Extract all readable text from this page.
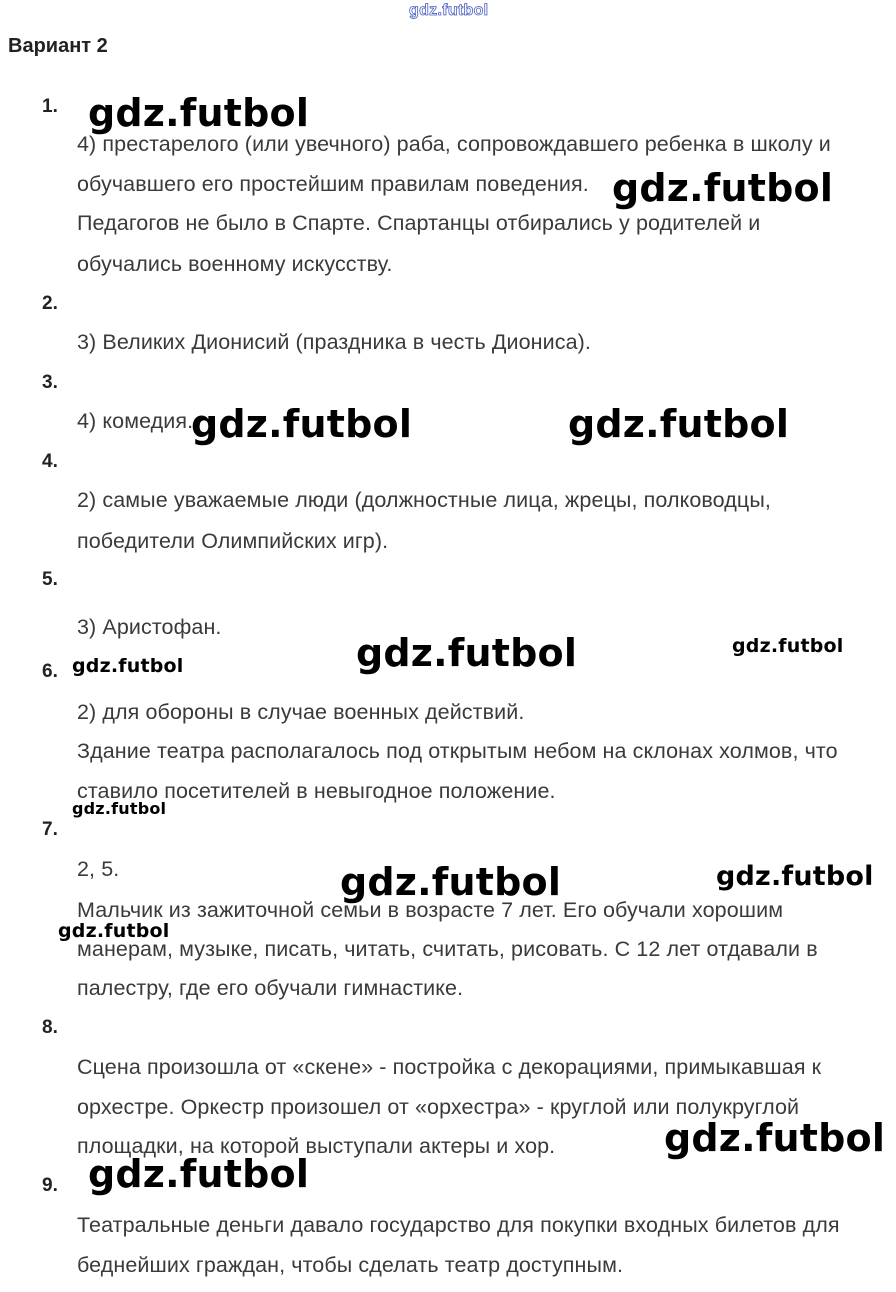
gdz.futbol
Вариант 2
1.
4) престарелого (или увечного) раба, сопровождавшего ребенка в школу и
обучавшего его простейшим правилам поведения.
Педагогов не было в Спарте. Спартанцы отбирались у родителей и
обучались военному искусству.
2.
3) Великих Дионисий (праздника в честь Диониса).
3.
4) комедия.
4.
2) самые уважаемые люди (должностные лица, жрецы, полководцы,
победители Олимпийских игр).
5.
3) Аристофан.
6.
2) для обороны в случае военных действий.
Здание театра располагалось под открытым небом на склонах холмов, что
ставило посетителей в невыгодное положение.
7.
2, 5.
Мальчик из зажиточной семьи в возрасте 7 лет. Его обучали хорошим
манерам, музыке, писать, читать, считать, рисовать. С 12 лет отдавали в
палестру, где его обучали гимнастике.
8.
Сцена произошла от «скене» - постройка с декорациями, примыкавшая к
орхестре. Оркестр произошел от «орхестра» - круглой или полукруглой
площадки, на которой выступали актеры и хор.
9.
Театральные деньги давало государство для покупки входных билетов для
беднейших граждан, чтобы сделать театр доступным.
gdz.futbol
gdz.futbol
gdz.futbol	gdz.futbol
gdz.futbol	gdz.futbol
gdz.futbol
gdz.futbol
gdz.futbol	gdz.futbol
gdz.futbol
gdz.futbol
gdz.futbol
